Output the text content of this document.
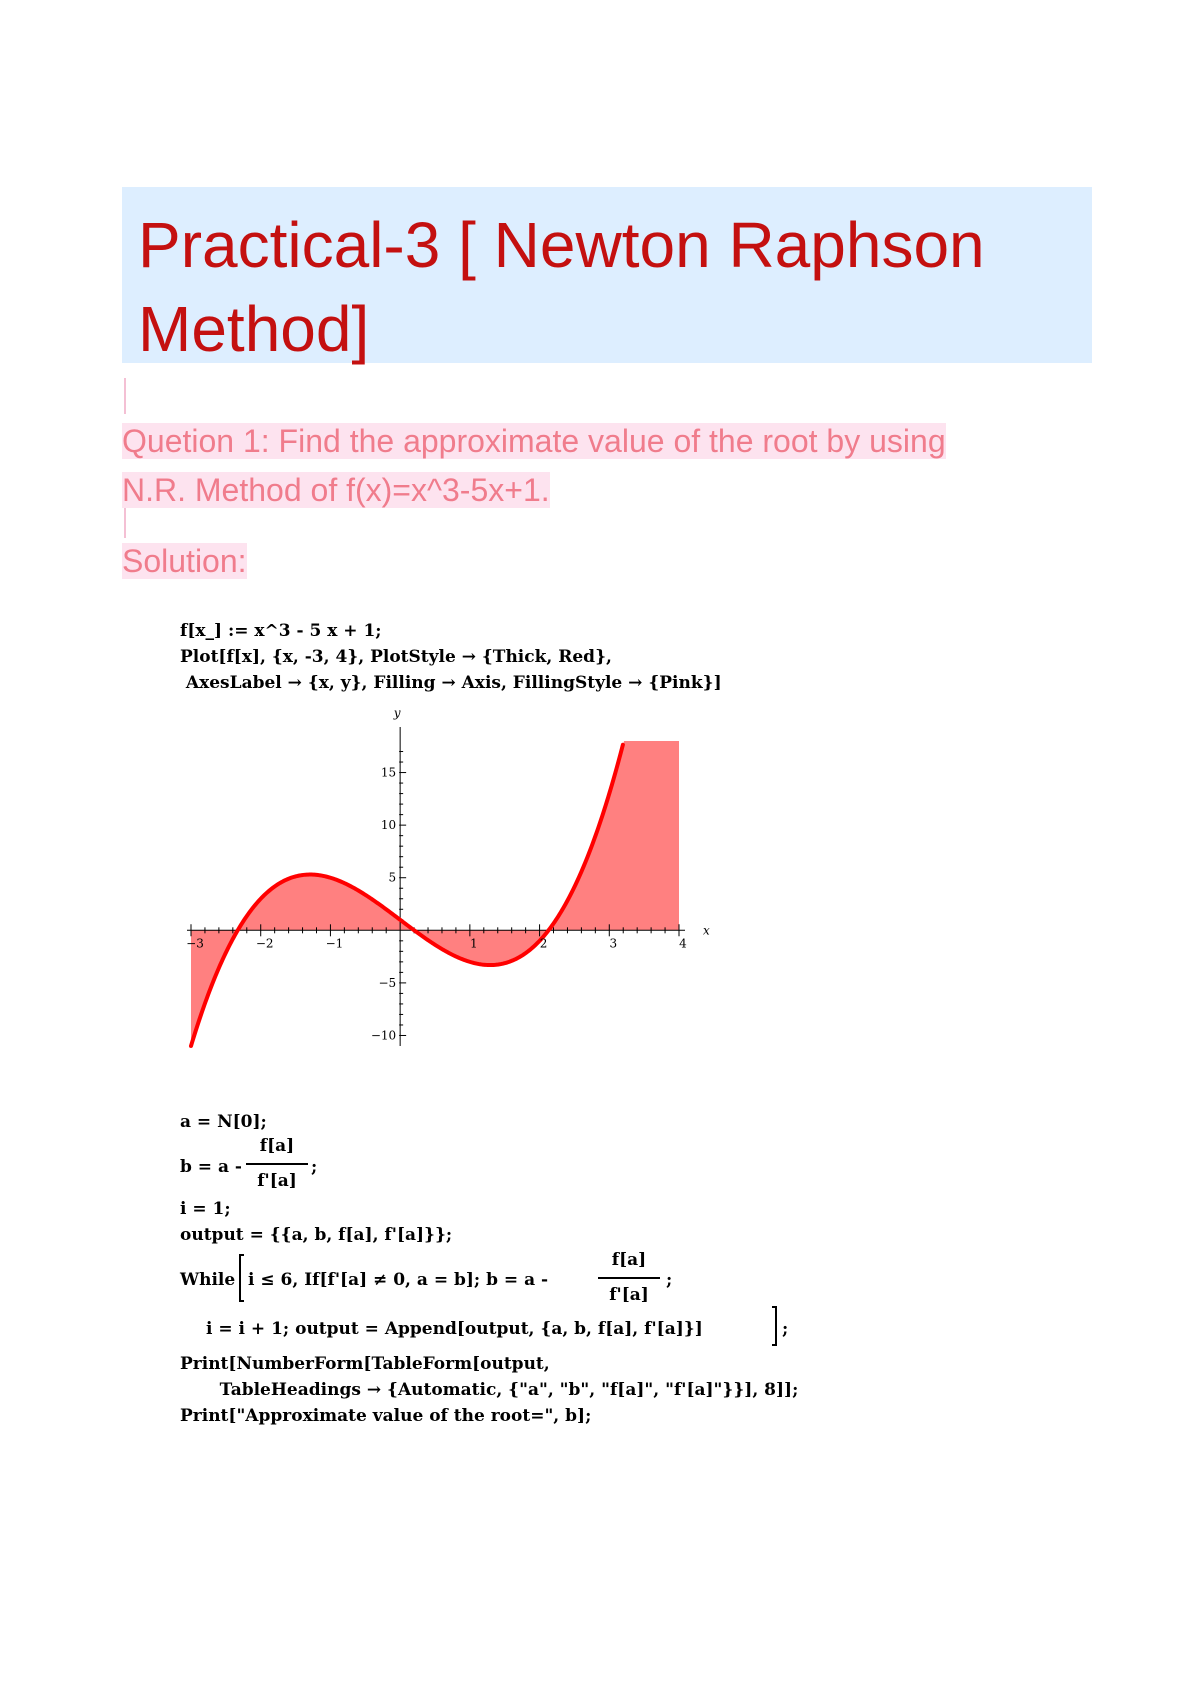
Practical-3 [ Newton Raphson
Method]
Quetion 1: Find the approximate value of the root by using
N.R. Method of f(x)=x^3-5x+1.
Solution:
f[x_] := x^3 - 5 x + 1;
Plot[f[x], {x, -3, 4}, PlotStyle → {Thick, Red},
AxesLabel → {x, y}, Filling → Axis, FillingStyle → {Pink}]
−3	−2	−1	1	2	3	4
15
10
5
−5
−10
x
y
a = N[0];
b = a -
f[a]
f'[a]
;
i = 1;
output = {{a, b, f[a], f'[a]}};
While i ≤ 6, If[f'[a] ≠ 0, a = b]; b = a -
f[a]
f'[a]
;
i = i + 1; output = Append[output, {a, b, f[a], f'[a]}]	;
Print[NumberForm[TableForm[output,
TableHeadings → {Automatic, {"a", "b", "f[a]", "f'[a]"}}], 8]];
Print["Approximate value of the root=", b];
